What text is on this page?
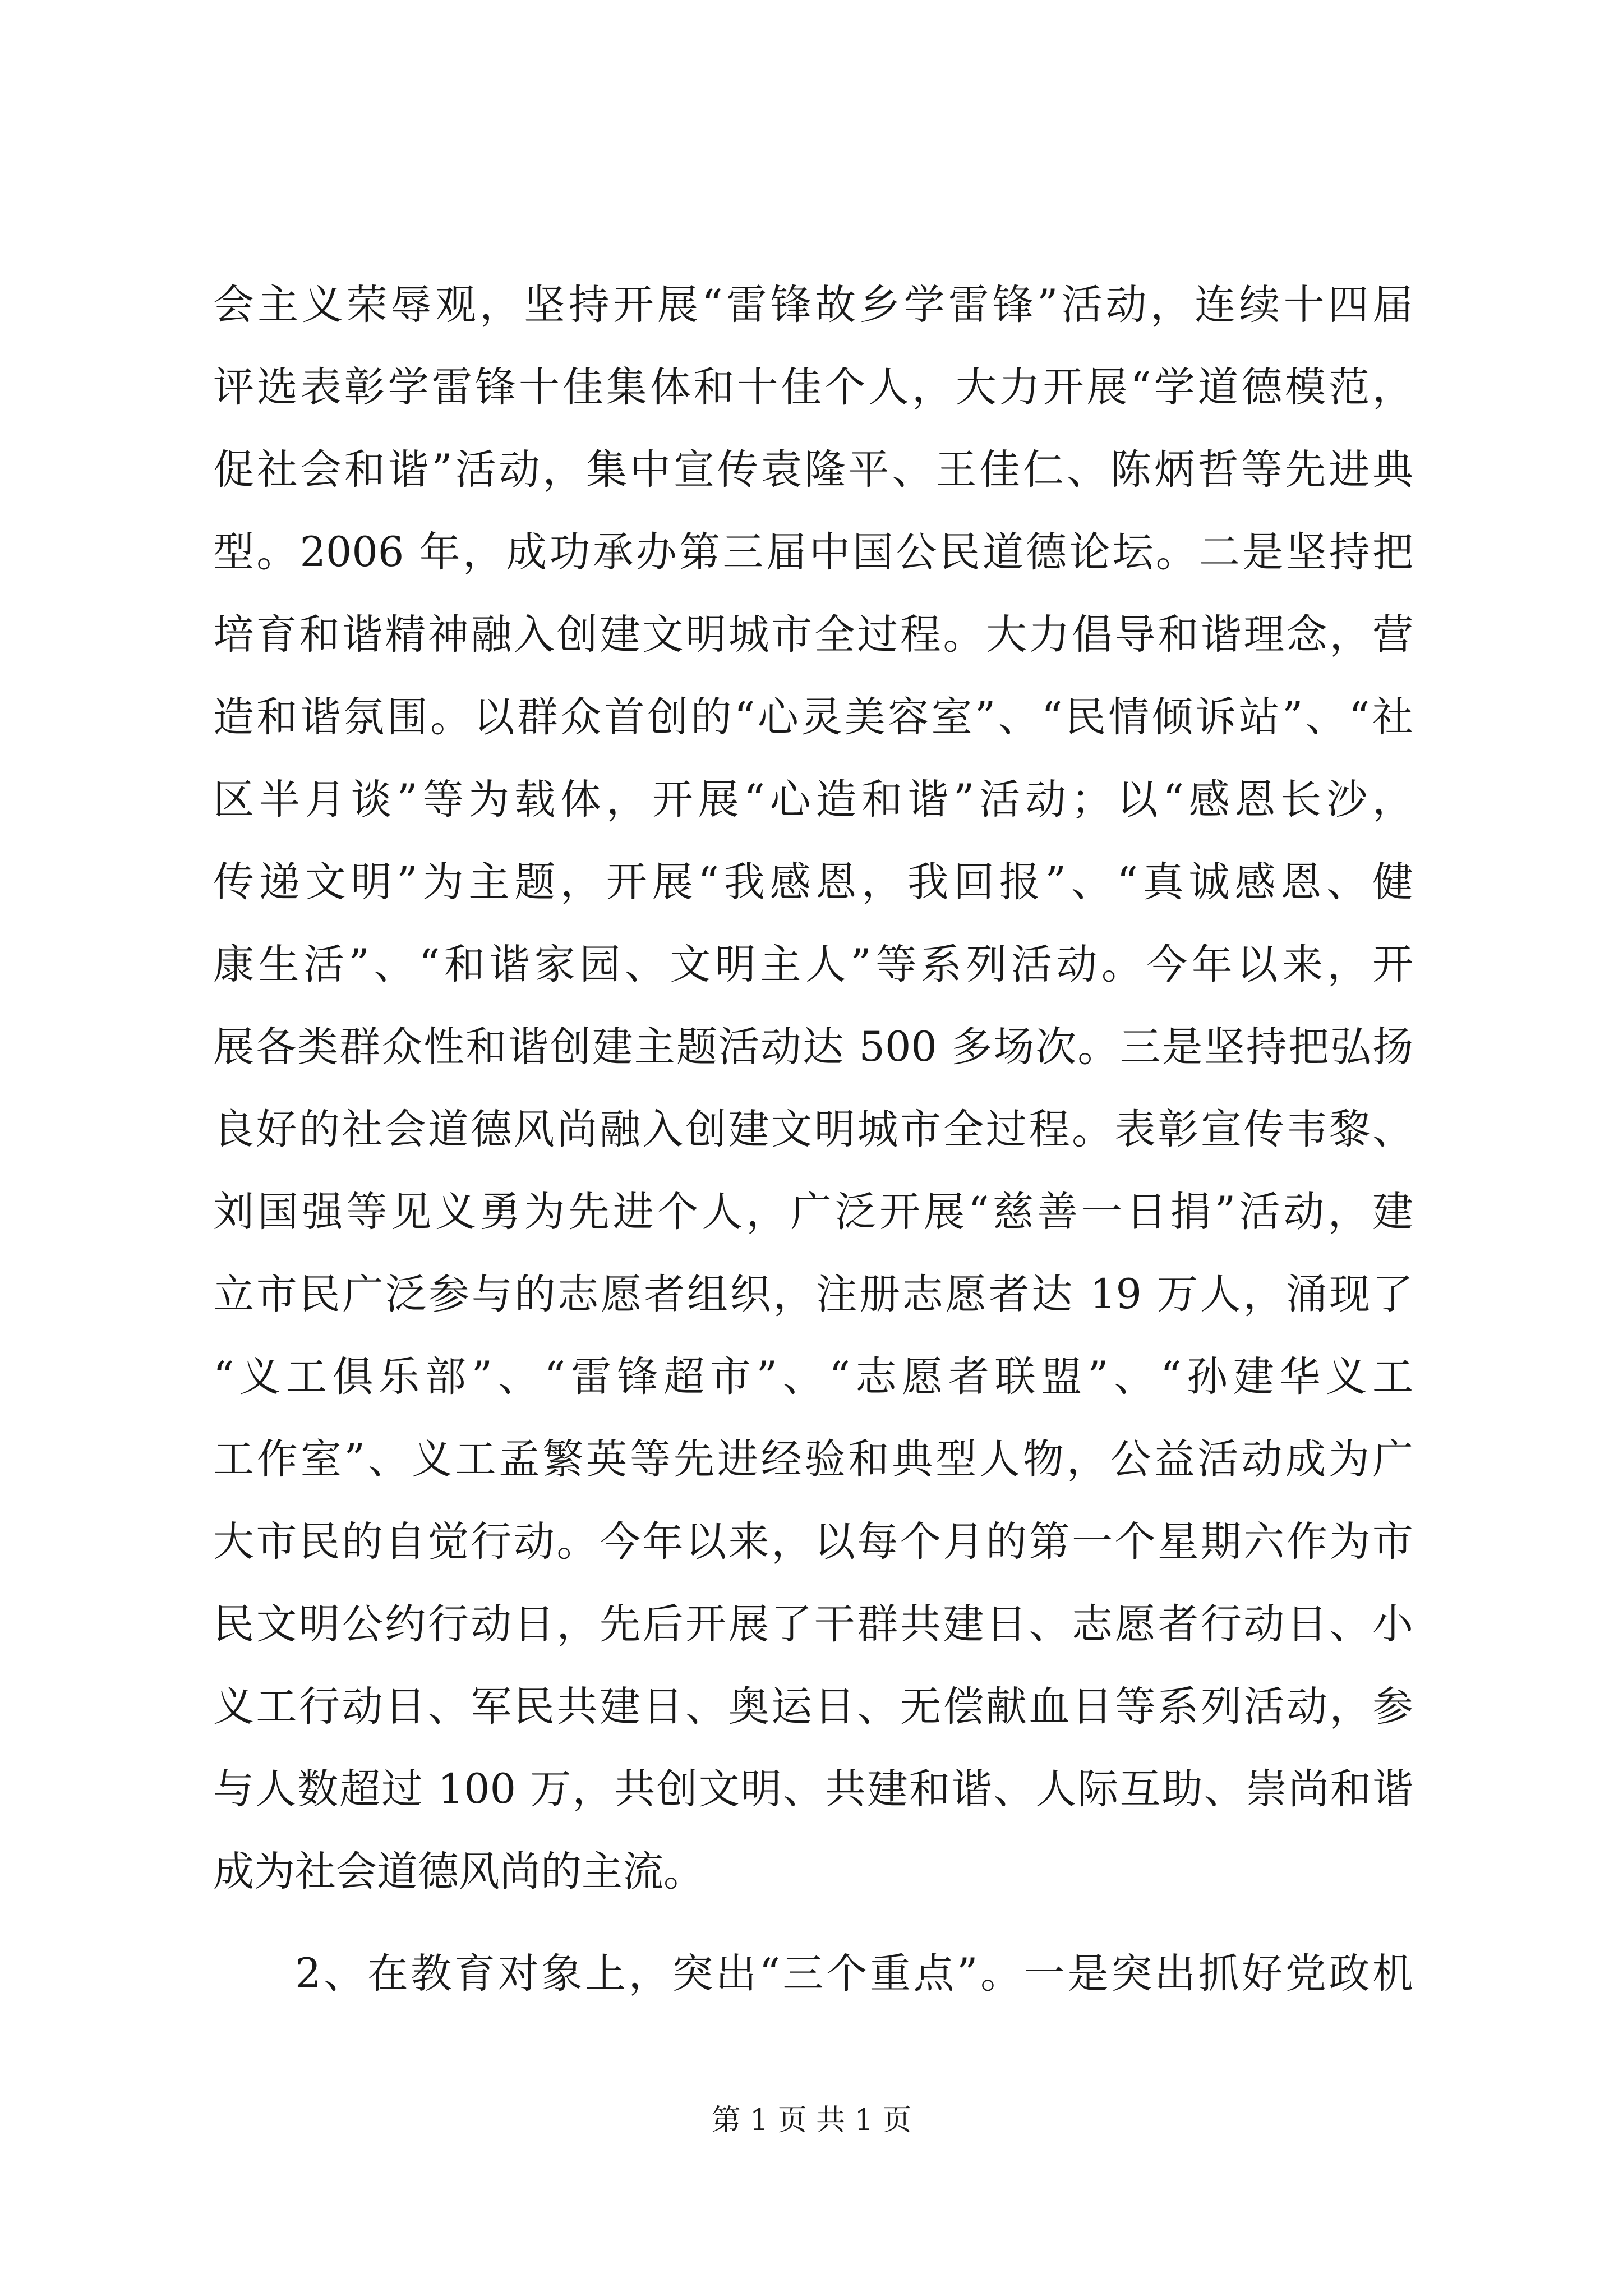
会主义荣辱观，坚持开展“雷锋故乡学雷锋”活动，连续十四届
评选表彰学雷锋十佳集体和十佳个人，大力开展“学道德模范，
促社会和谐”活动，集中宣传袁隆平、王佳仁、陈炳哲等先进典
型。2006 年，成功承办第三届中国公民道德论坛。二是坚持把
培育和谐精神融入创建文明城市全过程。大力倡导和谐理念，营
造和谐氛围。以群众首创的“心灵美容室”、“民情倾诉站”、“社
区半月谈”等为载体，开展“心造和谐”活动；以“感恩长沙，
传递文明”为主题，开展“我感恩，我回报”、“真诚感恩、健
康生活”、“和谐家园、文明主人”等系列活动。今年以来，开
展各类群众性和谐创建主题活动达 500 多场次。三是坚持把弘扬
良好的社会道德风尚融入创建文明城市全过程。表彰宣传韦黎、
刘国强等见义勇为先进个人，广泛开展“慈善一日捐”活动，建
立市民广泛参与的志愿者组织，注册志愿者达 19 万人，涌现了
“义工俱乐部”、“雷锋超市”、“志愿者联盟”、“孙建华义工
工作室”、义工孟繁英等先进经验和典型人物，公益活动成为广
大市民的自觉行动。今年以来，以每个月的第一个星期六作为市
民文明公约行动日，先后开展了干群共建日、志愿者行动日、小
义工行动日、军民共建日、奥运日、无偿献血日等系列活动，参
与人数超过 100 万，共创文明、共建和谐、人际互助、崇尚和谐
成为社会道德风尚的主流。
2、在教育对象上，突出“三个重点”。一是突出抓好党政机
第 1 页 共 1 页
